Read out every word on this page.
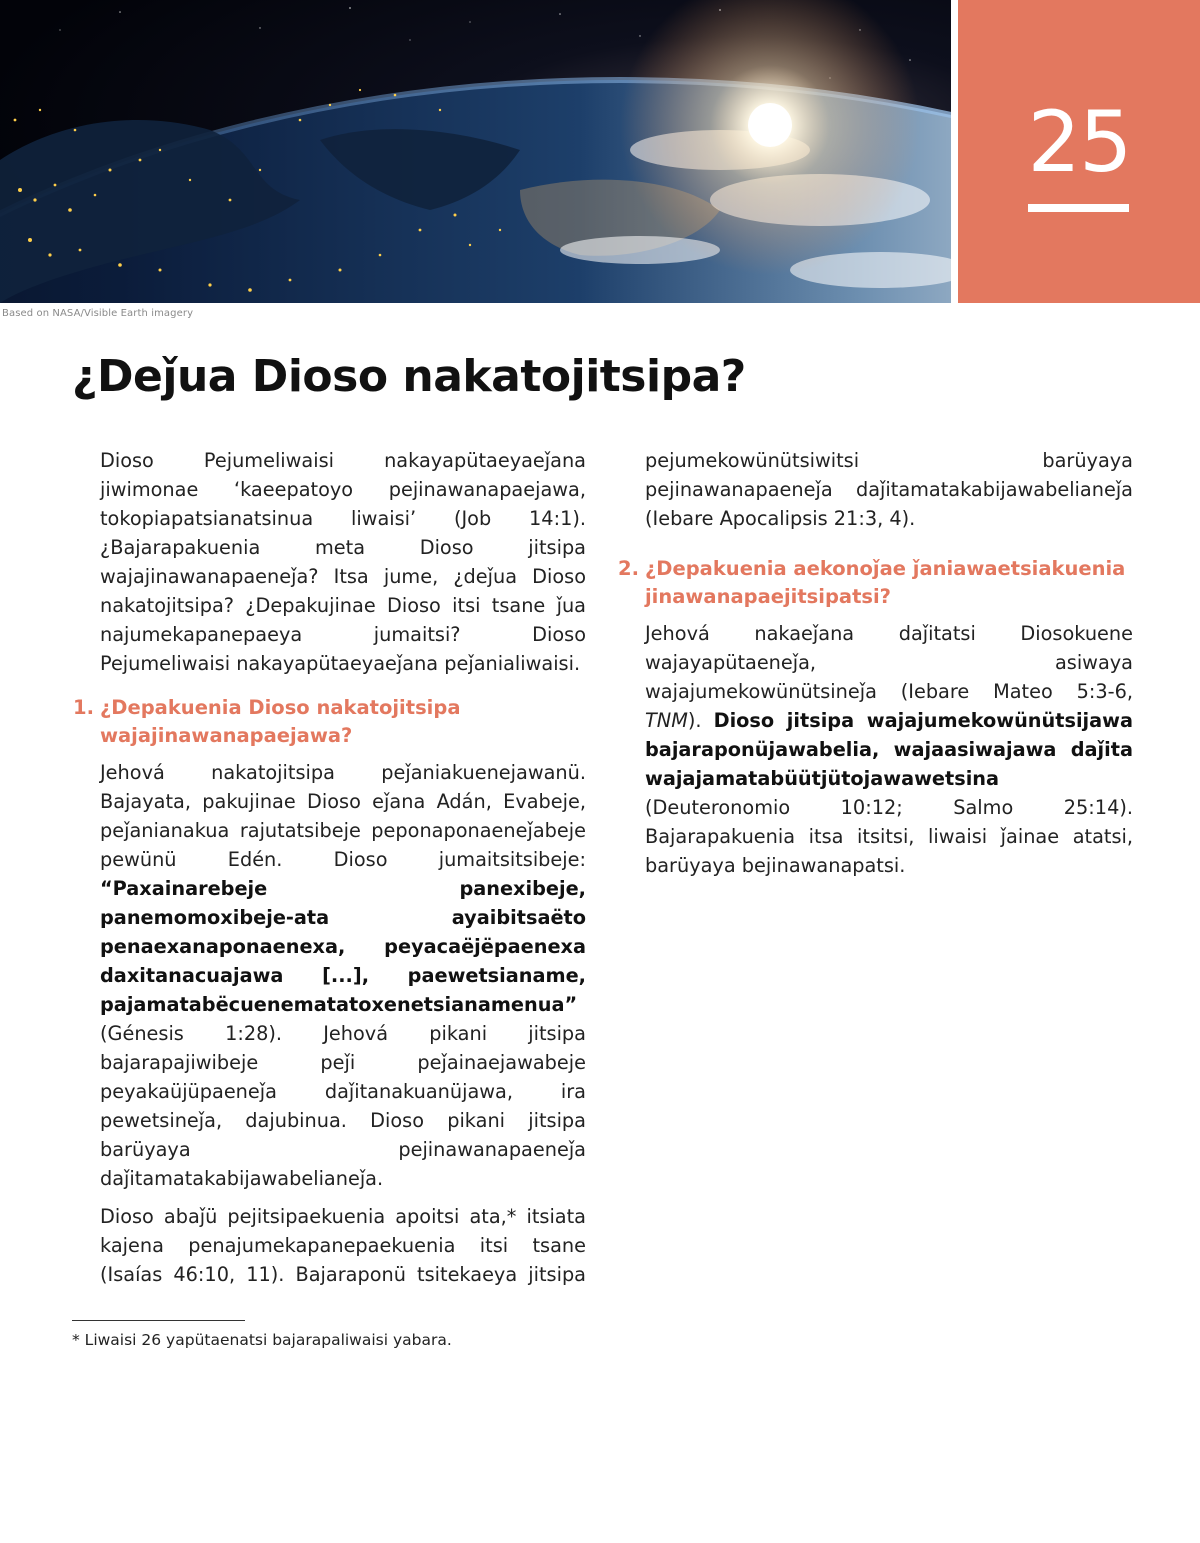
Based on NASA/Visible Earth imagery
25
¿Deǰua Dioso nakatojitsipa?

Dioso Pejumeliwaisi nakayapütaeyaeǰana jiwimonae ‘kaeepatoyo pejinawanapaejawa, tokopiapatsianatsinua liwaisi’ (Job 14:1). ¿Bajarapakuenia meta Dioso jitsipa wajajinawanapaeneǰa? Itsa jume, ¿deǰua Dioso nakatojitsipa? ¿Depakujinae Dioso itsi tsane ǰua najumekapanepaeya jumaitsi? Dioso Pejumeliwaisi nakayapütaeyaeǰana peǰanialiwaisi.

1. ¿Depakuenia Dioso nakatojitsipa wajajinawanapaejawa?

Jehová nakatojitsipa peǰaniakuenejawanü. Bajayata, pakujinae Dioso eǰana Adán, Evabeje, peǰanianakua rajutatsibeje peponaponaeneǰabeje pewünü Edén. Dioso jumaitsitsibeje: “Paxainarebeje panexibeje, panemomoxibeje-ata ayaibitsaëto penaexanaponaenexa, peyacaëjëpaenexa daxitanacuajawa [...], paewetsianame, pajamatabëcuenematatoxenetsianamenua” (Génesis 1:28). Jehová pikani jitsipa bajarapajiwibeje peǰi peǰainaejawabeje peyakaüjüpaeneǰa daǰitanakuanüjawa, ira pewetsineǰa, dajubinua. Dioso pikani jitsipa barüyaya pejinawanapaeneǰa daǰitamatakabijawabelianeǰa.

Dioso abaǰü pejitsipaekuenia apoitsi ata,* itsiata kajena penajumekapanepaekuenia itsi tsane (Isaías 46:10, 11). Bajaraponü tsitekaeya jitsipa

pejumekowünütsiwitsi barüyaya pejinawanapaeneǰa daǰitamatakabijawabelianeǰa (Iebare Apocalipsis 21:3, 4).

2. ¿Depakuenia aekonoǰae ǰaniawaetsiakuenia jinawanapaejitsipatsi?

Jehová nakaeǰana daǰitatsi Diosokuene wajayapütaeneǰa, asiwaya wajajumekowünütsineǰa (Iebare Mateo 5:3-6, TNM). Dioso jitsipa wajajumekowünütsijawa bajaraponüjawabelia, wajaasiwajawa daǰita wajajamatabüütjütojawawetsina (Deuteronomio 10:12; Salmo 25:14). Bajarapakuenia itsa itsitsi, liwaisi ǰainae atatsi, barüyaya bejinawanapatsi.

* Liwaisi 26 yapütaenatsi bajarapaliwaisi yabara.
